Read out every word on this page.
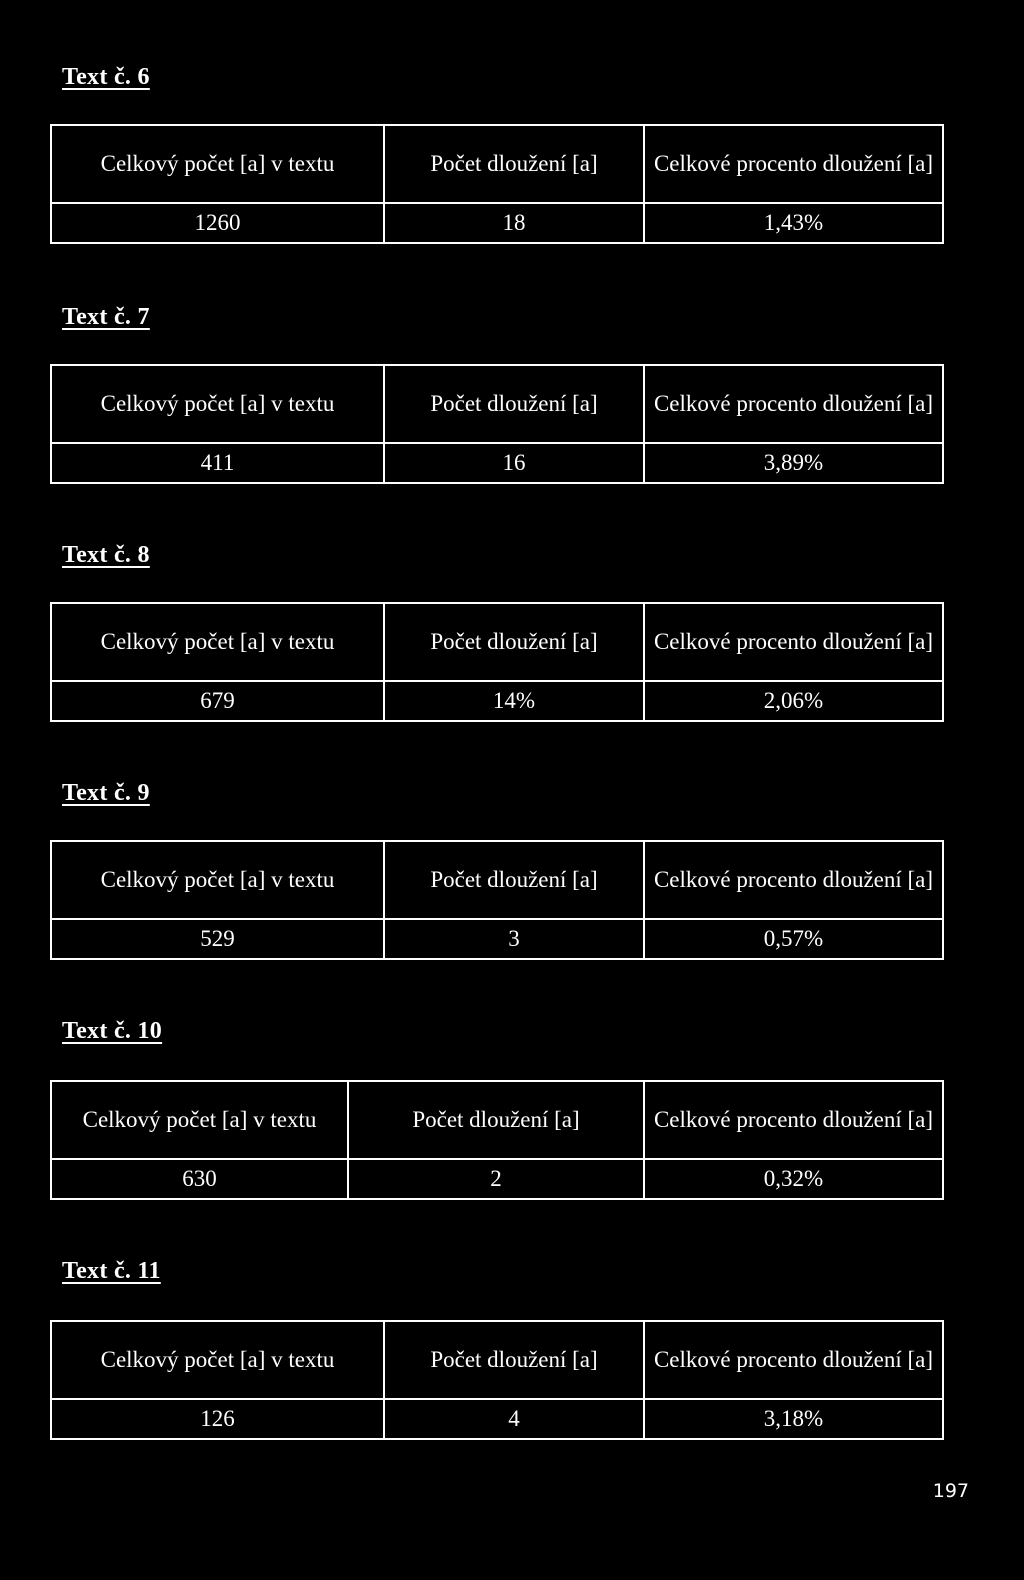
Text č. 6
Celkový počet [a] v textu	Počet dloužení [a]	Celkové procento dloužení [a]
1260	18	1,43%
Text č. 7
Celkový počet [a] v textu	Počet dloužení [a]	Celkové procento dloužení [a]
411	16	3,89%
Text č. 8
Celkový počet [a] v textu	Počet dloužení [a]	Celkové procento dloužení [a]
679	14%	2,06%
Text č. 9
Celkový počet [a] v textu	Počet dloužení [a]	Celkové procento dloužení [a]
529	3	0,57%
Text č. 10
Celkový počet [a] v textu	Počet dloužení [a]	Celkové procento dloužení [a]
630	2	0,32%
Text č. 11
Celkový počet [a] v textu	Počet dloužení [a]	Celkové procento dloužení [a]
126	4	3,18%
197
